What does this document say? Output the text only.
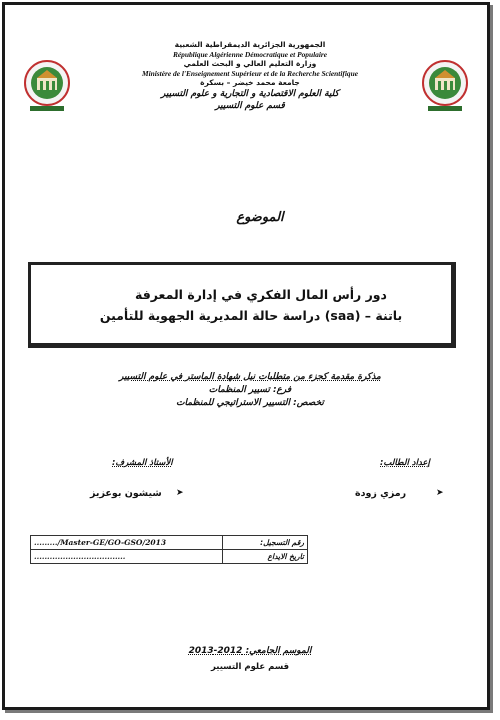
الجمهورية الجزائرية الديمقراطية الشعبية
République Algérienne Démocratique et Populaire
وزارة التعليم العالي و البحث العلمي
Ministère de l'Enseignement Supérieur et de la Recherche Scientifique
جامعة محمد خيضر – بسكرة
كلية العلوم الاقتصادية و التجارية و علوم التسيير
قسم علوم التسيير
الموضوع
دور رأس المال الفكري في إدارة المعرفة
دراسة حالة المديرية الجهوية للتأمين (saa) – باتنة
مذكرة مقدمة كجزء من متطلبات نيل شهادة الماستر في علوم التسيير
فرع: تسيير المنظمات
تخصص: التسيير الاستراتيجي للمنظمات
إعداد الطالب:
الأستاذ المشرف:
➤
رمزي زودة
➤
شيشون بوعزيز
........./Master-GE/GO-GSO/2013	رقم التسجيل:
...................................	تاريخ الايداع
الموسم الجامعي: 2012-2013
قسم علوم التسيير
